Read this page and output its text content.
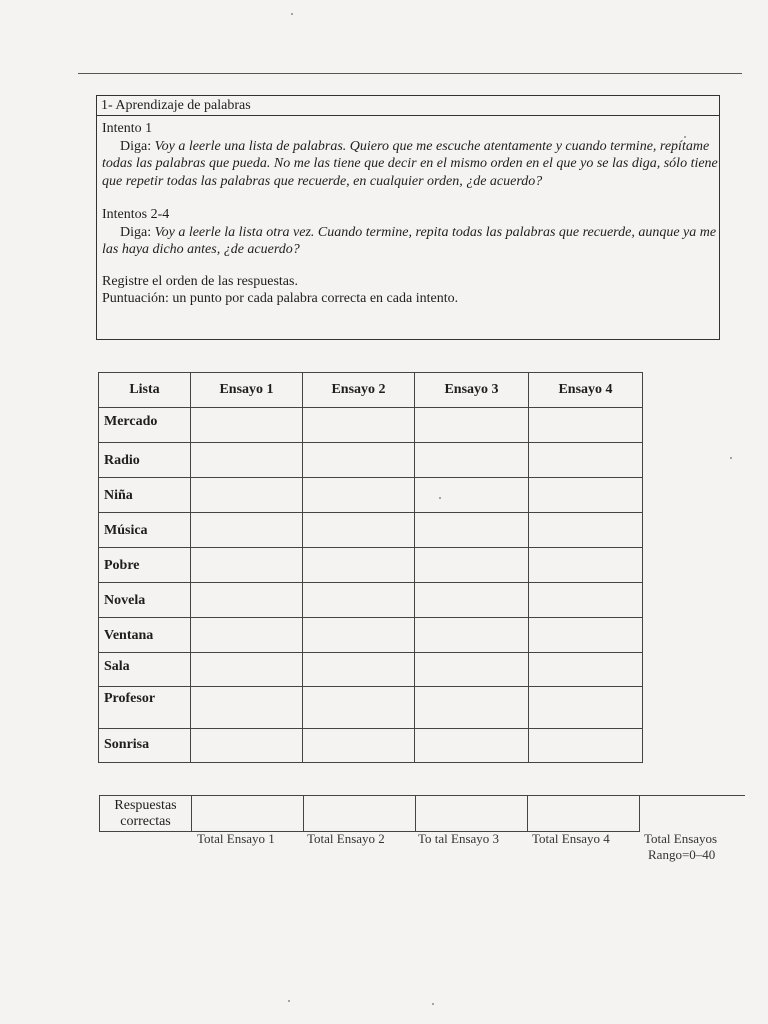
1- Aprendizaje de palabras

Intento 1

Diga: Voy a leerle una lista de palabras. Quiero que me escuche atentamente y cuando termine, repítame todas las palabras que pueda. No me las tiene que decir en el mismo orden en el que yo se las diga, sólo tiene que repetir todas las palabras que recuerde, en cualquier orden, ¿de acuerdo?

Intentos 2-4

Diga: Voy a leerle la lista otra vez. Cuando termine, repita todas las palabras que recuerde, aunque ya me las haya dicho antes, ¿de acuerdo?

Registre el orden de las respuestas.

Puntuación: un punto por cada palabra correcta en cada intento.

Lista	Ensayo 1	Ensayo 2	Ensayo 3	Ensayo 4
Mercado				
Radio				
Niña				
Música				
Pobre				
Novela				
Ventana				
Sala				
Profesor				
Sonrisa				
Respuestas
correctas				
Total Ensayo 1 Total Ensayo 2	To tal Ensayo 3	Total Ensayo 4	Total Ensayos
Rango=0–40
